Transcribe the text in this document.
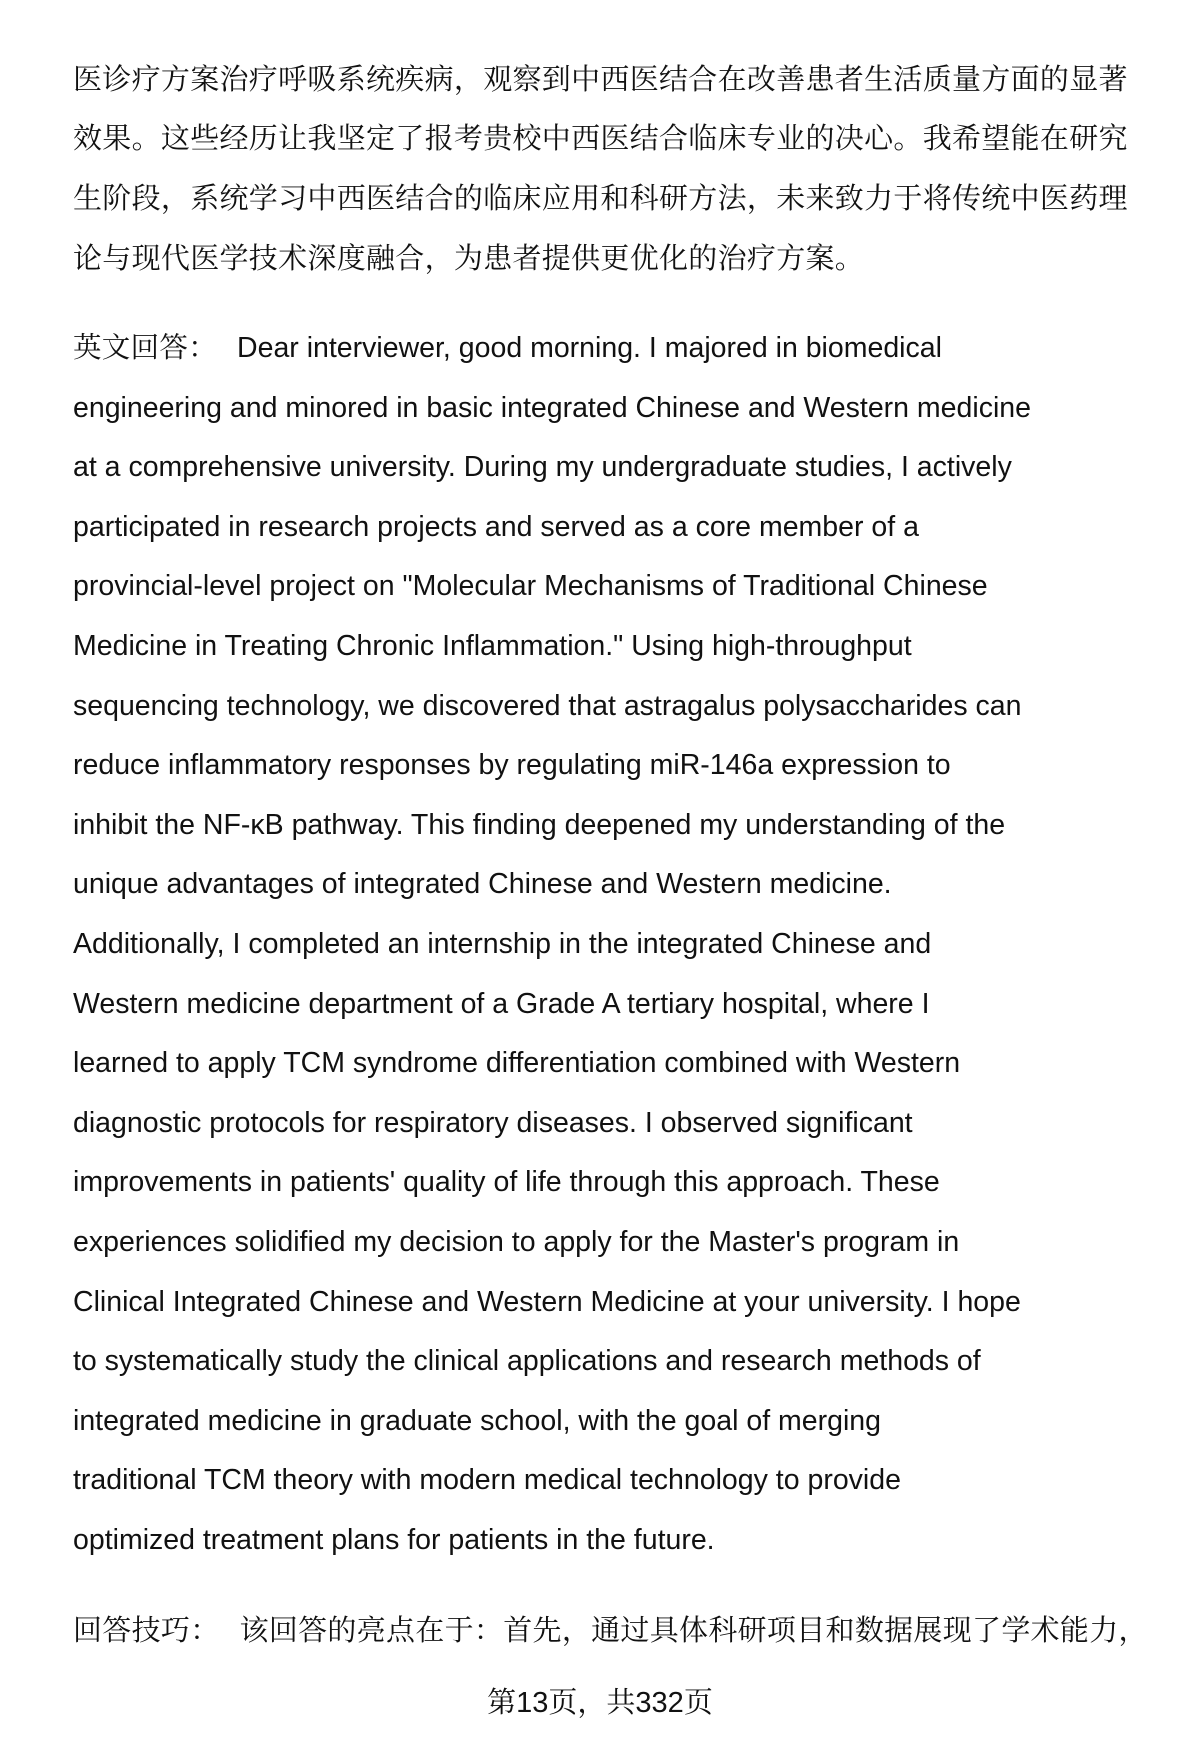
医诊疗方案治疗呼吸系统疾病，观察到中西医结合在改善患者生活质量方面的显著
效果。这些经历让我坚定了报考贵校中西医结合临床专业的决心。我希望能在研究
生阶段，系统学习中西医结合的临床应用和科研方法，未来致力于将传统中医药理
论与现代医学技术深度融合，为患者提供更优化的治疗方案。
英文回答： Dear interviewer, good morning. I majored in biomedical
engineering and minored in basic integrated Chinese and Western medicine
at a comprehensive university. During my undergraduate studies, I actively
participated in research projects and served as a core member of a
provincial-level project on "Molecular Mechanisms of Traditional Chinese
Medicine in Treating Chronic Inflammation." Using high-throughput
sequencing technology, we discovered that astragalus polysaccharides can
reduce inflammatory responses by regulating miR-146a expression to
inhibit the NF-κB pathway. This finding deepened my understanding of the
unique advantages of integrated Chinese and Western medicine.
Additionally, I completed an internship in the integrated Chinese and
Western medicine department of a Grade A tertiary hospital, where I
learned to apply TCM syndrome differentiation combined with Western
diagnostic protocols for respiratory diseases. I observed significant
improvements in patients' quality of life through this approach. These
experiences solidified my decision to apply for the Master's program in
Clinical Integrated Chinese and Western Medicine at your university. I hope
to systematically study the clinical applications and research methods of
integrated medicine in graduate school, with the goal of merging
traditional TCM theory with modern medical technology to provide
optimized treatment plans for patients in the future.
回答技巧： 该回答的亮点在于：首先，通过具体科研项目和数据展现了学术能力，
第13页，共332页
